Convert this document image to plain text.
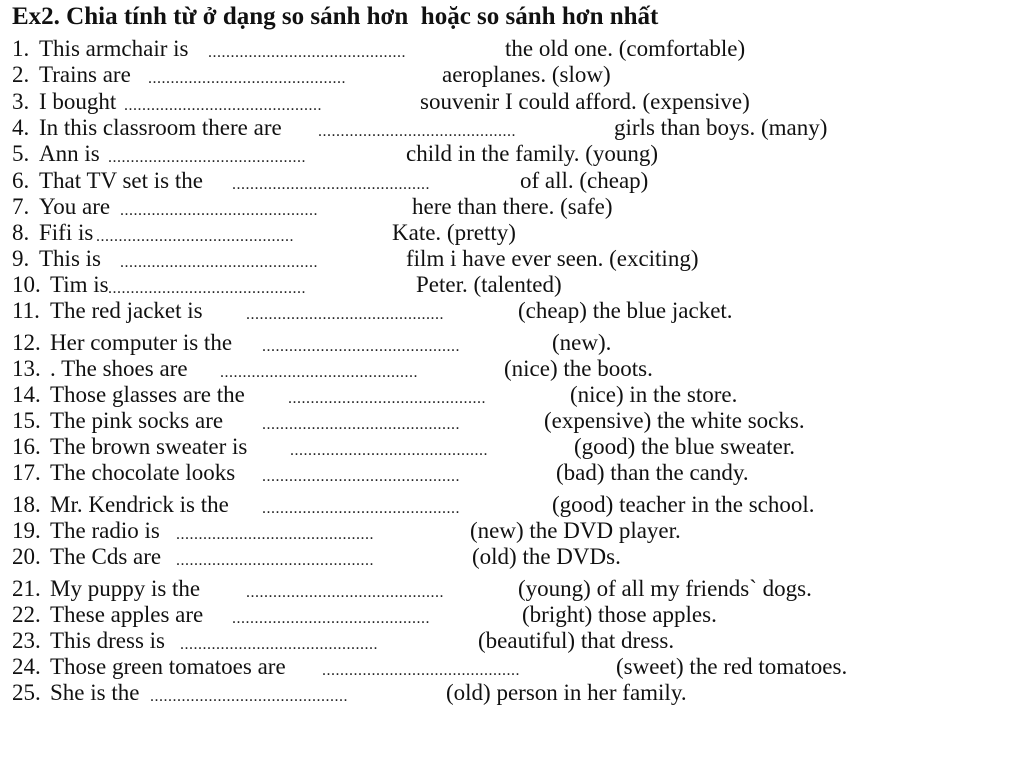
Ex2. Chia tính từ ở dạng so sánh hơn  hoặc so sánh hơn nhất
1. This armchair is ............................................	the old one. (comfortable)
2. Trains are ............................................	aeroplanes. (slow)
3. I bought ............................................	souvenir I could afford. (expensive)
4. In this classroom there are ............................................	girls than boys. (many)
5. Ann is ............................................	child in the family. (young)
6. That TV set is the ............................................	of all. (cheap)
7. You are ............................................	here than there. (safe)
8. Fifi is ............................................	Kate. (pretty)
9. This is ............................................	film i have ever seen. (exciting)
10. Tim is ............................................	Peter. (talented)
11. The red jacket is	............................................	(cheap) the blue jacket.
12. Her computer is the ............................................	(new).
13. . The shoes are ............................................	(nice) the boots.
14. Those glasses are the	............................................	(nice) in the store.
15. The pink socks are ............................................	(expensive) the white socks.
16. The brown sweater is	............................................	(good) the blue sweater.
17. The chocolate looks ............................................	(bad) than the candy.
18. Mr. Kendrick is the ............................................	(good) teacher in the school.
19. The radio is ............................................	(new) the DVD player.
20. The Cds are ............................................	(old) the DVDs.
21. My puppy is the	............................................	(young) of all my friends` dogs.
22. These apples are ............................................	(bright) those apples.
23. This dress is ............................................	(beautiful) that dress.
24. Those green tomatoes are ............................................	(sweet) the red tomatoes.
25. She is the ............................................	(old) person in her family.
